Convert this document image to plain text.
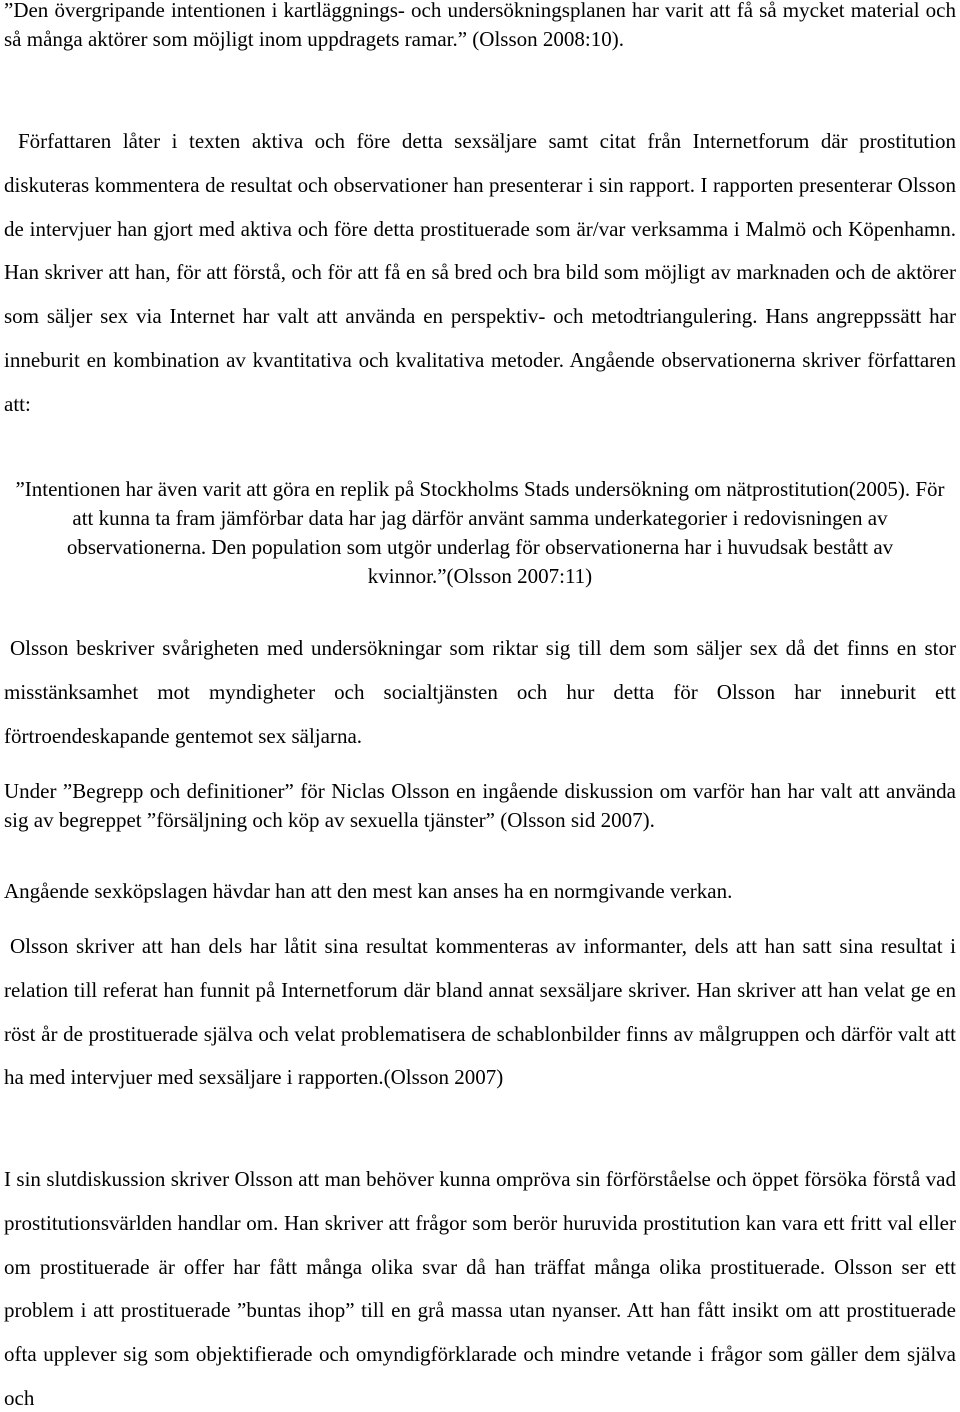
”Den övergripande intentionen i kartläggnings- och undersökningsplanen har varit att få så mycket material och så många aktörer som möjligt inom uppdragets ramar.” (Olsson 2008:10).

Författaren låter i texten aktiva och före detta sexsäljare samt citat från Internetforum där prostitution diskuteras kommentera de resultat och observationer han presenterar i sin rapport. I rapporten presenterar Olsson de intervjuer han gjort med aktiva och före detta prostituerade som är/var verksamma i Malmö och Köpenhamn. Han skriver att han, för att förstå, och för att få en så bred och bra bild som möjligt av marknaden och de aktörer som säljer sex via Internet har valt att använda en perspektiv- och metodtriangulering. Hans angreppssätt har inneburit en kombination av kvantitativa och kvalitativa metoder. Angående observationerna skriver författaren att:

”Intentionen har även varit att göra en replik på Stockholms Stads undersökning om nätprostitution(2005). För att kunna ta fram jämförbar data har jag därför använt samma underkategorier i redovisningen av observationerna. Den population som utgör underlag för observationerna har i huvudsak bestått av kvinnor.”(Olsson 2007:11)

Olsson beskriver svårigheten med undersökningar som riktar sig till dem som säljer sex då det finns en stor misstänksamhet mot myndigheter och socialtjänsten och hur detta för Olsson har inneburit ett förtroendeskapande gentemot sex säljarna.

Under ”Begrepp och definitioner” för Niclas Olsson en ingående diskussion om varför han har valt att använda sig av begreppet ”försäljning och köp av sexuella tjänster” (Olsson sid 2007).

Angående sexköpslagen hävdar han att den mest kan anses ha en normgivande verkan.

Olsson skriver att han dels har låtit sina resultat kommenteras av informanter, dels att han satt sina resultat i relation till referat han funnit på Internetforum där bland annat sexsäljare skriver. Han skriver att han velat ge en röst år de prostituerade själva och velat problematisera de schablonbilder finns av målgruppen och därför valt att ha med intervjuer med sexsäljare i rapporten.(Olsson 2007)

I sin slutdiskussion skriver Olsson att man behöver kunna ompröva sin förförståelse och öppet försöka förstå vad prostitutionsvärlden handlar om. Han skriver att frågor som berör huruvida prostitution kan vara ett fritt val eller om prostituerade är offer har fått många olika svar då han träffat många olika prostituerade. Olsson ser ett problem i att prostituerade ”buntas ihop” till en grå massa utan nyanser. Att han fått insikt om att prostituerade ofta upplever sig som objektifierade och omyndigförklarade och mindre vetande i frågor som gäller dem själva och
